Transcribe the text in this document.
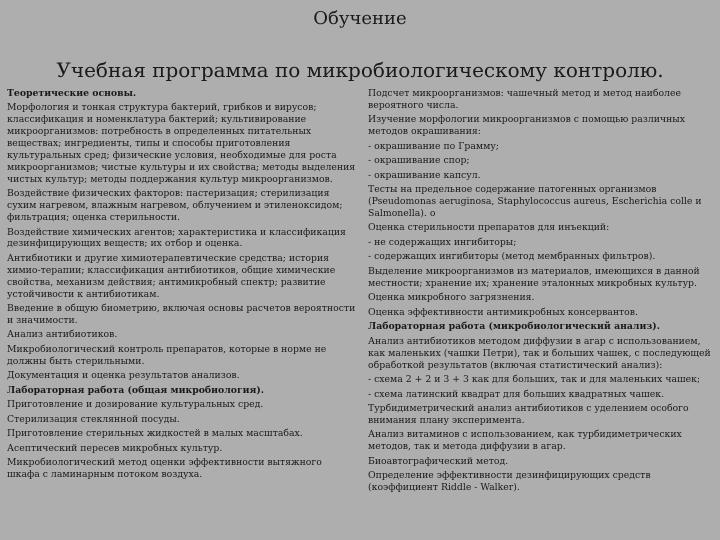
Обучение
Учебная программа по микробиологическому контролю.
Теоретические основы.
Морфология и тонкая структура бактерий, грибков и вирусов; классификация и номенклатура бактерий; культивирование микроорганизмов: потребность в определенных питательных веществах; ингредиенты, типы и способы приготовления культуральных сред; физические условия, необходимые для роста микроорганизмов; чистые культуры и их свойства; методы выделения чистых культур; методы поддержания культур микроорганизмов.
Воздействие физических факторов: пастеризация; стерилизация сухим нагревом, влажным нагревом, облучением и этиленоксидом; фильтрация; оценка стерильности.
Воздействие химических агентов; характеристика и классификация дезинфицирующих веществ; их отбор и оценка.
Антибиотики и другие химиотерапевтические средства; история химио-терапии; классификация антибиотиков, общие химические свойства, механизм действия; антимикробный спектр; развитие устойчивости к антибиотикам.
Введение в общую биометрию, включая основы расчетов вероятности и значимости.
Анализ антибиотиков.
Микробиологический контроль препаратов, которые в норме не должны быть стерильными.
Документация и оценка результатов анализов.
Лабораторная работа (общая микробиология).
Приготовление и дозирование культуральных сред.
Стерилизация стеклянной посуды.
Приготовление стерильных жидкостей в малых масштабах.
Асептический пересев микробных культур.
Микробиологический метод оценки эффективности вытяжного шкафа с ламинарным потоком воздуха.
Подсчет микроорганизмов: чашечный метод и метод наиболее вероятного числа.
Изучение морфологии микроорганизмов с помощью различных методов окрашивания:
- окрашивание по Грамму;
- окрашивание спор;
- окрашивание капсул.
Тесты на предельное содержание патогенных организмов (Pseudomonas aeruginosa, Staphylococcus aureus, Escherichia colle и Salmonella). о
Оценка стерильности препаратов для инъекций:
- не содержащих ингибиторы;
- содержащих ингибиторы (метод мембранных фильтров).
Выделение микроорганизмов из материалов, имеющихся в данной местности; хранение их; хранение эталонных микробных культур.
Оценка микробного загрязнения.
Оценка эффективности антимикробных консервантов.
Лабораторная работа (микробиологический анализ).
Анализ антибиотиков методом диффузии в агар с использованием, как маленьких (чашки Петри), так и больших чашек, с последующей обработкой результатов (включая статистический анализ):
- схема 2 + 2 и 3 + 3 как для больших, так и для маленьких чашек;
- схема латинский квадрат для больших квадратных чашек.
Турбидиметрический анализ антибиотиков с уделением особого внимания плану эксперимента.
Анализ витаминов с использованием, как турбидиметрических методов, так и метода диффузии в агар.
Биоавтографический метод.
Определение эффективности дезинфицирующих средств (коэффициент Riddle - Walker).
